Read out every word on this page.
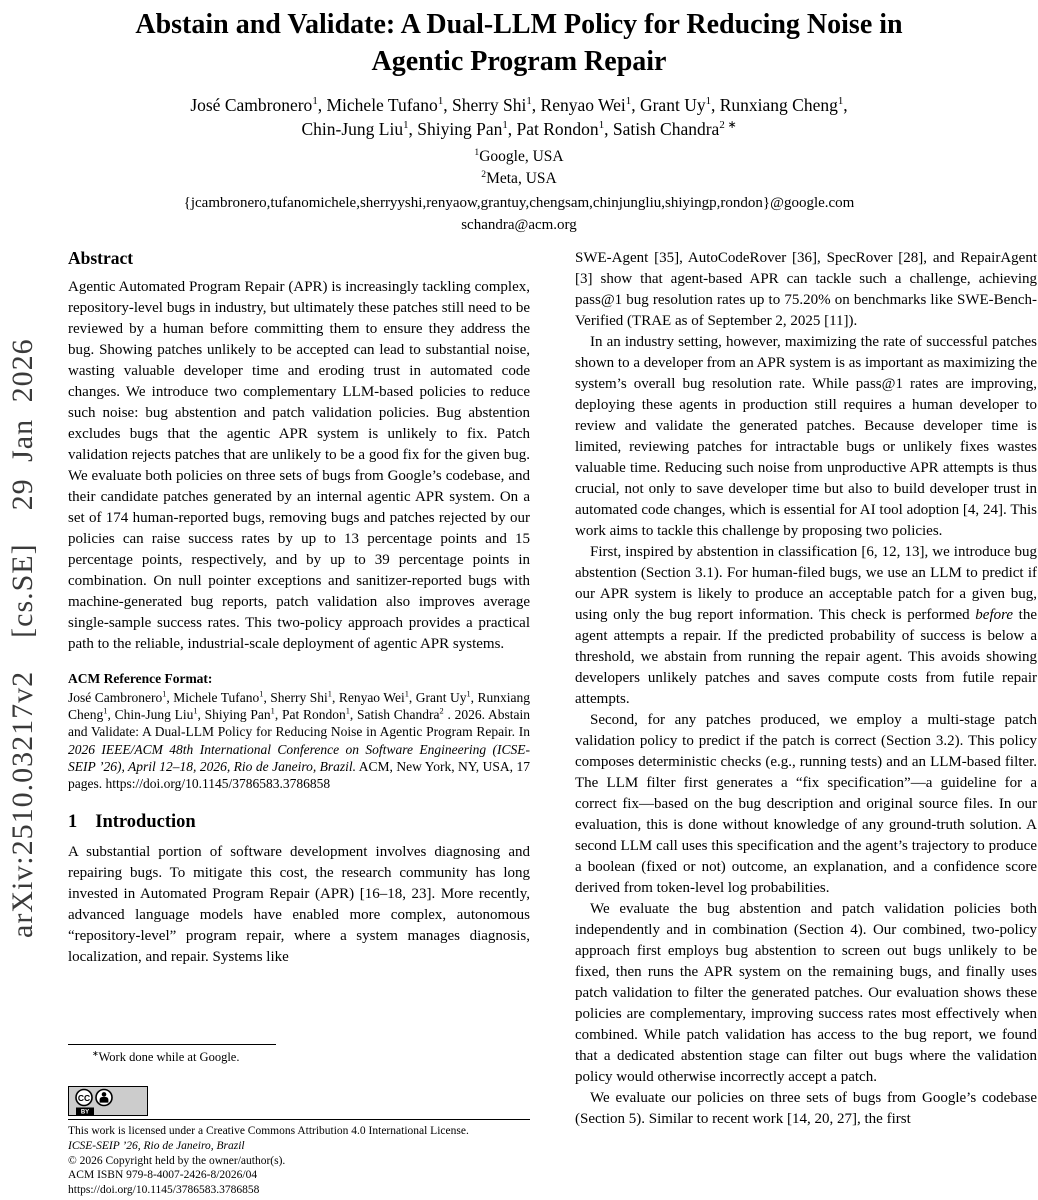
arXiv:2510.03217v2  [cs.SE]  29 Jan 2026
Abstain and Validate: A Dual-LLM Policy for Reducing Noise in
Agentic Program Repair
José Cambronero$^1$, Michele Tufano$^1$, Sherry Shi$^1$, Renyao Wei$^1$, Grant Uy$^1$, Runxiang Cheng$^1$,
Chin-Jung Liu$^1$, Shiying Pan$^1$, Pat Rondon$^1$, Satish Chandra$^{2 ∗}$
$^1$Google, USA
$^2$Meta, USA
{jcambronero,tufanomichele,sherryyshi,renyaow,grantuy,chengsam,chinjungliu,shiyingp,rondon}@google.com
schandra@acm.org
Abstract

Agentic Automated Program Repair (APR) is increasingly tackling complex, repository-level bugs in industry, but ultimately these patches still need to be reviewed by a human before committing them to ensure they address the bug. Showing patches unlikely to be accepted can lead to substantial noise, wasting valuable developer time and eroding trust in automated code changes. We introduce two complementary LLM-based policies to reduce such noise: bug abstention and patch validation policies. Bug abstention excludes bugs that the agentic APR system is unlikely to fix. Patch validation rejects patches that are unlikely to be a good fix for the given bug. We evaluate both policies on three sets of bugs from Google’s codebase, and their candidate patches generated by an internal agentic APR system. On a set of 174 human-reported bugs, removing bugs and patches rejected by our policies can raise success rates by up to 13 percentage points and 15 percentage points, respectively, and by up to 39 percentage points in combination. On null pointer exceptions and sanitizer-reported bugs with machine-generated bug reports, patch validation also improves average single-sample success rates. This two-policy approach provides a practical path to the reliable, industrial-scale deployment of agentic APR systems.

ACM Reference Format:

José Cambronero$^1$, Michele Tufano$^1$, Sherry Shi$^1$, Renyao Wei$^1$, Grant Uy$^1$, Runxiang Cheng$^1$, Chin-Jung Liu$^1$, Shiying Pan$^1$, Pat Rondon$^1$, Satish Chandra$^2$ . 2026. Abstain and Validate: A Dual-LLM Policy for Reducing Noise in Agentic Program Repair. In 2026 IEEE/ACM 48th International Conference on Software Engineering (ICSE-SEIP ’26), April 12–18, 2026, Rio de Janeiro, Brazil. ACM, New York, NY, USA, 17 pages. https://doi.org/10.1145/3786583.3786858

1 Introduction

A substantial portion of software development involves diagnosing and repairing bugs. To mitigate this cost, the research community has long invested in Automated Program Repair (APR) [16–18, 23]. More recently, advanced language models have enabled more complex, autonomous “repository-level” program repair, where a system manages diagnosis, localization, and repair. Systems like

∗Work done while at Google.

CC
BY
This work is licensed under a Creative Commons Attribution 4.0 International License.
ICSE-SEIP ’26, Rio de Janeiro, Brazil
© 2026 Copyright held by the owner/author(s).
ACM ISBN 979-8-4007-2426-8/2026/04
https://doi.org/10.1145/3786583.3786858

SWE-Agent [35], AutoCodeRover [36], SpecRover [28], and RepairAgent [3] show that agent-based APR can tackle such a challenge, achieving pass@1 bug resolution rates up to 75.20% on benchmarks like SWE-Bench-Verified (TRAE as of September 2, 2025 [11]).

In an industry setting, however, maximizing the rate of successful patches shown to a developer from an APR system is as important as maximizing the system’s overall bug resolution rate. While pass@1 rates are improving, deploying these agents in production still requires a human developer to review and validate the generated patches. Because developer time is limited, reviewing patches for intractable bugs or unlikely fixes wastes valuable time. Reducing such noise from unproductive APR attempts is thus crucial, not only to save developer time but also to build developer trust in automated code changes, which is essential for AI tool adoption [4, 24]. This work aims to tackle this challenge by proposing two policies.

First, inspired by abstention in classification [6, 12, 13], we introduce bug abstention (Section 3.1). For human-filed bugs, we use an LLM to predict if our APR system is likely to produce an acceptable patch for a given bug, using only the bug report information. This check is performed before the agent attempts a repair. If the predicted probability of success is below a threshold, we abstain from running the repair agent. This avoids showing developers unlikely patches and saves compute costs from futile repair attempts.

Second, for any patches produced, we employ a multi-stage patch validation policy to predict if the patch is correct (Section 3.2). This policy composes deterministic checks (e.g., running tests) and an LLM-based filter. The LLM filter first generates a “fix specification”—a guideline for a correct fix—based on the bug description and original source files. In our evaluation, this is done without knowledge of any ground-truth solution. A second LLM call uses this specification and the agent’s trajectory to produce a boolean (fixed or not) outcome, an explanation, and a confidence score derived from token-level log probabilities.

We evaluate the bug abstention and patch validation policies both independently and in combination (Section 4). Our combined, two-policy approach first employs bug abstention to screen out bugs unlikely to be fixed, then runs the APR system on the remaining bugs, and finally uses patch validation to filter the generated patches. Our evaluation shows these policies are complementary, improving success rates most effectively when combined. While patch validation has access to the bug report, we found that a dedicated abstention stage can filter out bugs where the validation policy would otherwise incorrectly accept a patch.

We evaluate our policies on three sets of bugs from Google’s codebase (Section 5). Similar to recent work [14, 20, 27], the first
